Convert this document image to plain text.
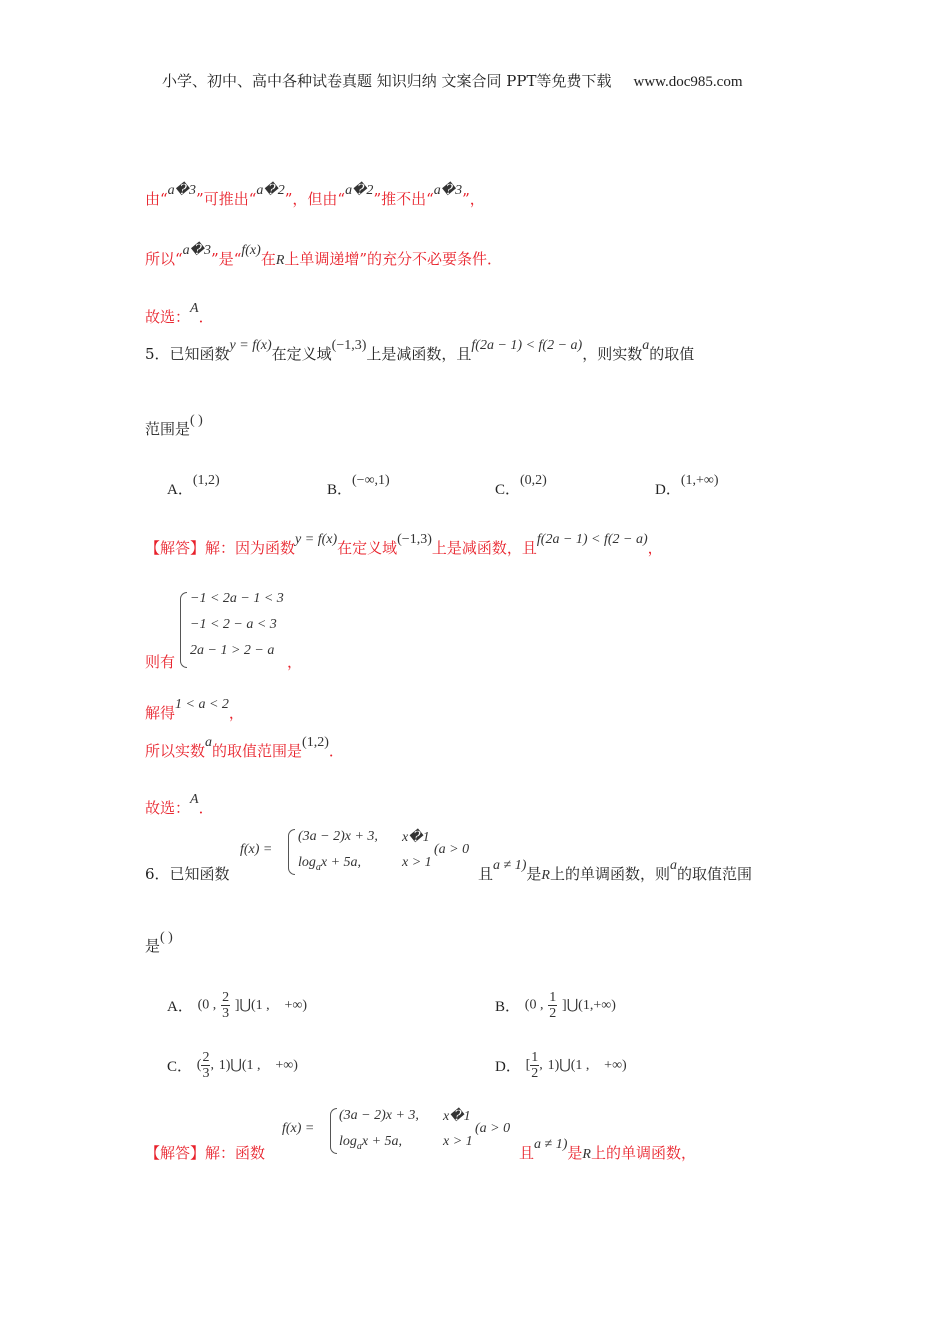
小学、初中、高中各种试卷真题 知识归纳 文案合同 PPT等免费下载 www.doc985.com
由“a�3”可推出“a�2”，但由“a�2”推不出“a�3”，
所以“a�3”是“f(x)在R上单调递增”的充分不必要条件．
故选：A．
5．已知函数y = f(x)在定义域(−1,3)上是减函数，且f(2a − 1) < f(2 − a)，则实数a的取值
范围是( )
A．(1,2)
B．(−∞,1)
C．(0,2)
D．(1,+∞)
【解答】解：因为函数y = f(x)在定义域(−1,3)上是减函数，且f(2a − 1) < f(2 − a)，
−1 < 2a − 1 < 3
−1 < 2 − a < 3
2a − 1 > 2 − a
则有	，
解得1 < a < 2，
所以实数a的取值范围是(1,2)．
故选：A．
6．已知函数
f(x) =
(3a − 2)x + 3, x�1
$\log_ax + 5a$,	x > 1
(a > 0
且a ≠ 1)是R上的单调函数，则a的取值范围
是( )
A． (0 , $\frac{2}{3}$ ]⋃(1 , +∞)	B． (0 , $\frac{1}{2}$ ]⋃(1,+∞)
C． ( $\frac{2}{3}$ , 1)⋃(1 , +∞)	D． [ $\frac{1}{2}$ , 1)⋃(1 , +∞)
【解答】解：函数
f(x) =
(3a − 2)x + 3, x�1
$\log_ax + 5a$,	x > 1
(a > 0
且a ≠ 1)是R上的单调函数，
